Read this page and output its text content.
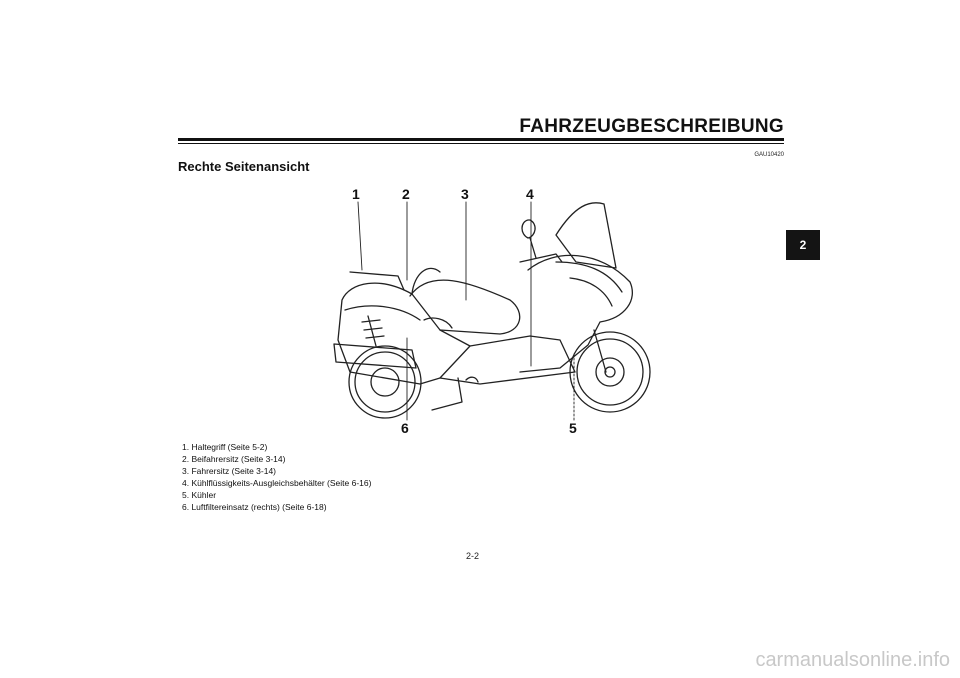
FAHRZEUGBESCHREIBUNG
GAU10420
Rechte Seitenansicht
2
1	2	3	4
5
6
1. Haltegriff (Seite 5-2)
2. Beifahrersitz (Seite 3-14)
3. Fahrersitz (Seite 3-14)
4. Kühlflüssigkeits-Ausgleichsbehälter (Seite 6-16)
5. Kühler
6. Luftfiltereinsatz (rechts) (Seite 6-18)
2-2
carmanualsonline.info
